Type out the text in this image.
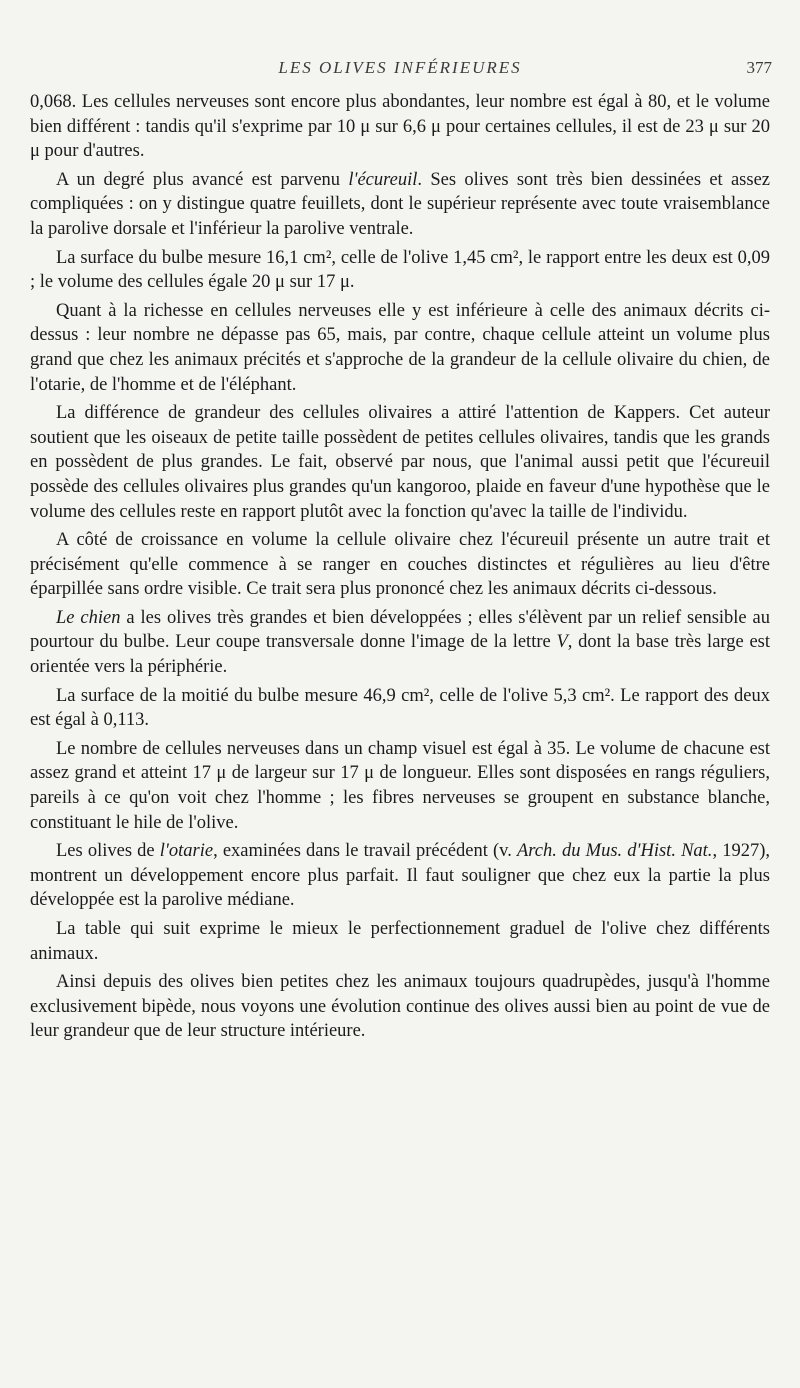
LES OLIVES INFÉRIEURES	377

0,068. Les cellules nerveuses sont encore plus abondantes, leur nombre est égal à 80, et le volume bien différent : tandis qu'il s'exprime par 10 μ sur 6,6 μ pour certaines cellules, il est de 23 μ sur 20 μ pour d'autres.

A un degré plus avancé est parvenu l'écureuil. Ses olives sont très bien dessinées et assez compliquées : on y distingue quatre feuillets, dont le supérieur représente avec toute vraisemblance la parolive dorsale et l'inférieur la parolive ventrale.

La surface du bulbe mesure 16,1 cm², celle de l'olive 1,45 cm², le rapport entre les deux est 0,09 ; le volume des cellules égale 20 μ sur 17 μ.

Quant à la richesse en cellules nerveuses elle y est inférieure à celle des animaux décrits ci-dessus : leur nombre ne dépasse pas 65, mais, par contre, chaque cellule atteint un volume plus grand que chez les animaux précités et s'approche de la grandeur de la cellule olivaire du chien, de l'otarie, de l'homme et de l'éléphant.

La différence de grandeur des cellules olivaires a attiré l'attention de Kappers. Cet auteur soutient que les oiseaux de petite taille possèdent de petites cellules olivaires, tandis que les grands en possèdent de plus grandes. Le fait, observé par nous, que l'animal aussi petit que l'écureuil possède des cellules olivaires plus grandes qu'un kangoroo, plaide en faveur d'une hypothèse que le volume des cellules reste en rapport plutôt avec la fonction qu'avec la taille de l'individu.

A côté de croissance en volume la cellule olivaire chez l'écureuil présente un autre trait et précisément qu'elle commence à se ranger en couches distinctes et régulières au lieu d'être éparpillée sans ordre visible. Ce trait sera plus prononcé chez les animaux décrits ci-dessous.

Le chien a les olives très grandes et bien développées ; elles s'élèvent par un relief sensible au pourtour du bulbe. Leur coupe transversale donne l'image de la lettre V, dont la base très large est orientée vers la périphérie.

La surface de la moitié du bulbe mesure 46,9 cm², celle de l'olive 5,3 cm². Le rapport des deux est égal à 0,113.

Le nombre de cellules nerveuses dans un champ visuel est égal à 35. Le volume de chacune est assez grand et atteint 17 μ de largeur sur 17 μ de longueur. Elles sont disposées en rangs réguliers, pareils à ce qu'on voit chez l'homme ; les fibres nerveuses se groupent en substance blanche, constituant le hile de l'olive.

Les olives de l'otarie, examinées dans le travail précédent (v. Arch. du Mus. d'Hist. Nat., 1927), montrent un développement encore plus parfait. Il faut souligner que chez eux la partie la plus développée est la parolive médiane.

La table qui suit exprime le mieux le perfectionnement graduel de l'olive chez différents animaux.

Ainsi depuis des olives bien petites chez les animaux toujours quadrupèdes, jusqu'à l'homme exclusivement bipède, nous voyons une évolution continue des olives aussi bien au point de vue de leur grandeur que de leur structure intérieure.
